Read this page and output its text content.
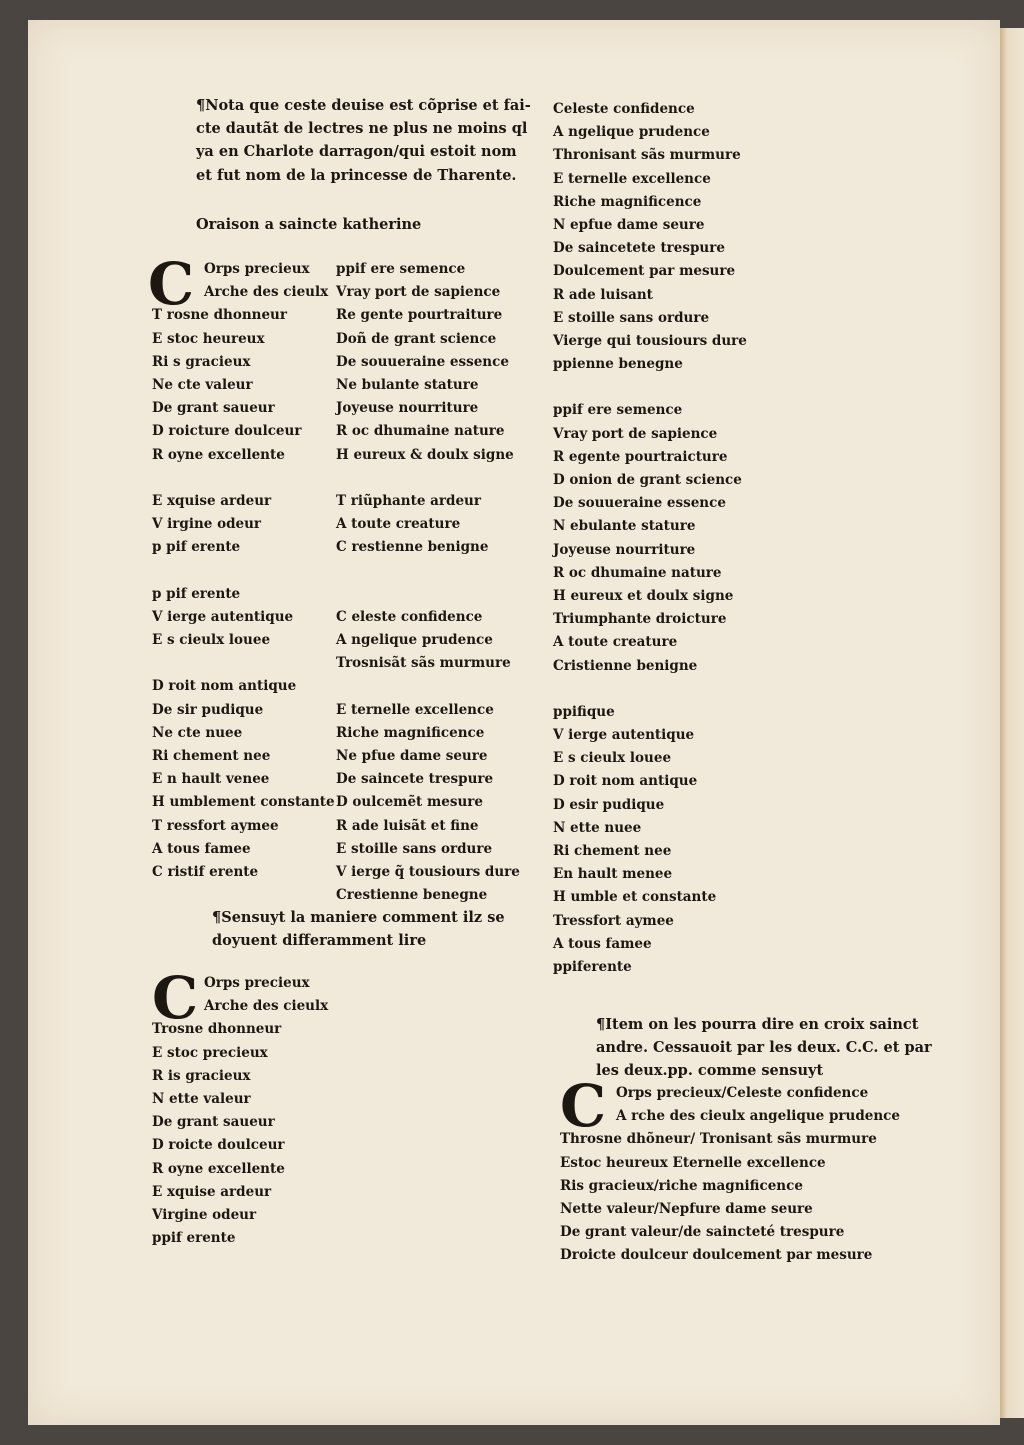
¶Nota que ceste deuise est cõprise et fai-
cte dautãt de lectres ne plus ne moins ql
ya en Charlote darragon/qui estoit nom
et fut nom de la princesse de Tharente.
Oraison a saincte katherine
C Orps precieux
Arche des cieulx
T rosne dhonneur
E stoc heureux
Ri s gracieux
Ne cte valeur
De grant saueur
D roicture doulceur
R oyne excellente
E xquise ardeur
V irgine odeur
p pif erente
p pif erente
V ierge autentique
E s cieulx louee
D roit nom antique
De sir pudique
Ne cte nuee
Ri chement nee
E n hault venee
H umblement constante
T ressfort aymee
A tous famee
C ristif erente
ppif ere semence
Vray port de sapience
Re gente pourtraiture
Doñ de grant science
De souueraine essence
Ne bulante stature
Joyeuse nourriture
R oc dhumaine nature
H eureux & doulx signe
T riũphante ardeur
A toute creature
C restienne benigne
C eleste confidence
A ngelique prudence
Trosnisãt sãs murmure
E ternelle excellence
Riche magnificence
Ne pfue dame seure
De saincete trespure
D oulcemẽt mesure
R ade luisãt et fine
E stoille sans ordure
V ierge q̃ tousiours dure
Crestienne benegne
¶Sensuyt la maniere comment ilz se
doyuent differamment lire
C Orps precieux
Arche des cieulx
Trosne dhonneur
E stoc precieux
R is gracieux
N ette valeur
De grant saueur
D roicte doulceur
R oyne excellente
E xquise ardeur
Virgine odeur
ppif erente
Celeste confidence
A ngelique prudence
Thronisant sãs murmure
E ternelle excellence
Riche magnificence
N epfue dame seure
De saincetete trespure
Doulcement par mesure
R ade luisant
E stoille sans ordure
Vierge qui tousiours dure
ppienne benegne
ppif ere semence
Vray port de sapience
R egente pourtraicture
D onion de grant science
De souueraine essence
N ebulante stature
Joyeuse nourriture
R oc dhumaine nature
H eureux et doulx signe
Triumphante droicture
A toute creature
Cristienne benigne
ppifique
V ierge autentique
E s cieulx louee
D roit nom antique
D esir pudique
N ette nuee
Ri chement nee
En hault menee
H umble et constante
Tressfort aymee
A tous famee
ppiferente
¶Item on les pourra dire en croix sainct
andre. Cessauoit par les deux. C.C. et par
les deux.pp. comme sensuyt
C Orps precieux/Celeste confidence
A rche des cieulx angelique prudence
Throsne dhõneur/ Tronisant sãs murmure
Estoc heureux Eternelle excellence
Ris gracieux/riche magnificence
Nette valeur/Nepfure dame seure
De grant valeur/de saincteté trespure
Droicte doulceur doulcement par mesure
